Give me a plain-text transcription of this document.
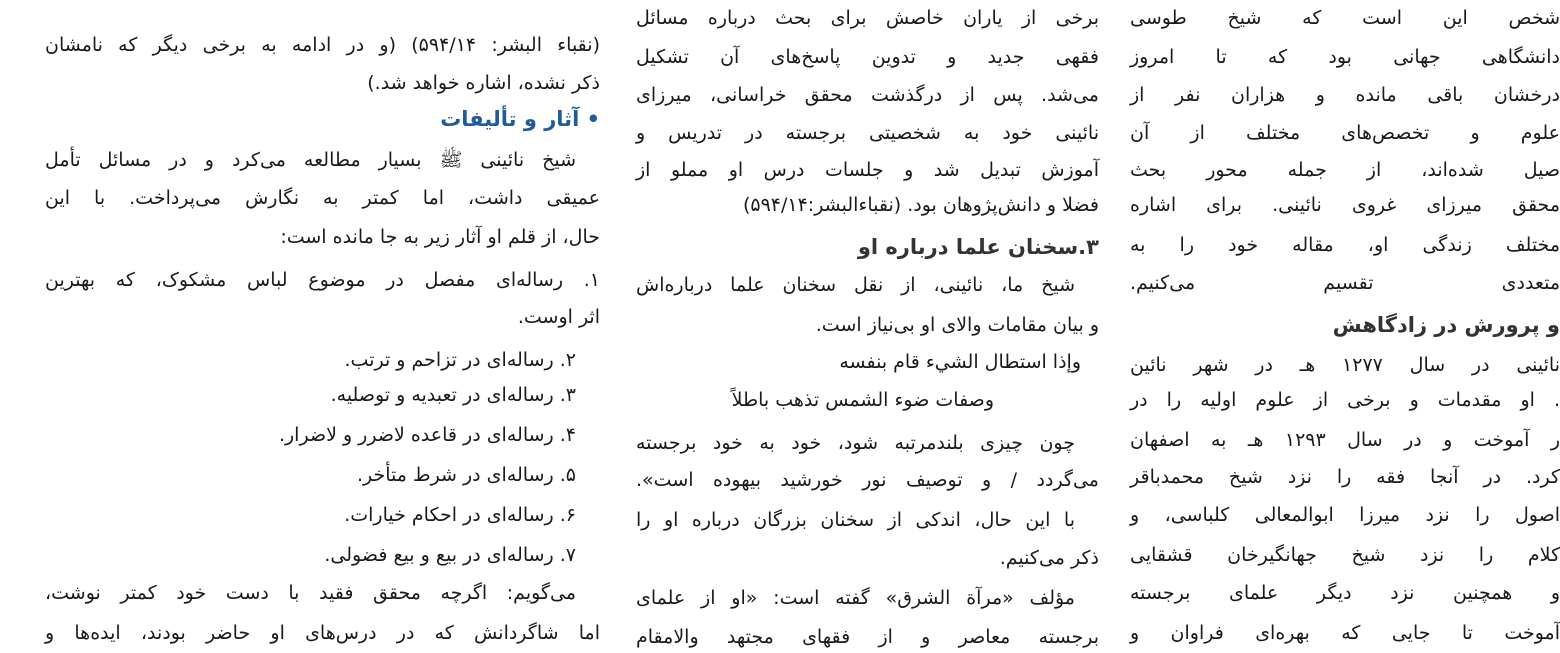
(نقباء البشر: ۵۹۴/۱۴) (و در ادامه به برخی دیگر که نامشان
ذکر نشده، اشاره خواهد شد.)
• آثار و تألیفات
شیخ نائینی ﷺ بسیار مطالعه می‌کرد و در مسائل تأمل
عمیقی داشت، اما کمتر به نگارش می‌پرداخت. با این
حال، از قلم او آثار زیر به جا مانده است:
۱. رساله‌ای مفصل در موضوع لباس مشکوک، که بهترین
اثر اوست.
۲. رساله‌ای در تزاحم و ترتب.
۳. رساله‌ای در تعبدیه و توصلیه.
۴. رساله‌ای در قاعده لاضرر و لاضرار.
۵. رساله‌ای در شرط متأخر.
۶. رساله‌ای در احکام خیارات.
۷. رساله‌ای در بیع و بیع فضولی.
می‌گویم: اگرچه محقق فقید با دست خود کمتر نوشت،
اما شاگردانش که در درس‌های او حاضر بودند، ایده‌ها و
برخی از یاران خاصش برای بحث درباره مسائل
فقهی جدید و تدوین پاسخ‌های آن تشکیل
می‌شد. پس از درگذشت محقق خراسانی، میرزای
نائینی خود به شخصیتی برجسته در تدریس و
آموزش تبدیل شد و جلسات درس او مملو از
فضلا و دانش‌پژوهان بود. (نقباءالبشر:۵۹۴/۱۴)
۳.سخنان علما درباره او
شیخ ما، نائینی، از نقل سخنان علما درباره‌اش
و بیان مقامات والای او بی‌نیاز است.
وإذا استطال الشيء قام بنفسه
وصفات ضوء الشمس تذهب باطلاً
چون چیزی بلندمرتبه شود، خود به خود برجسته
می‌گردد / و توصیف نور خورشید بیهوده است».
با این حال، اندکی از سخنان بزرگان درباره او را
ذکر می‌کنیم.
مؤلف «مرآة الشرق» گفته است: «او از علمای
برجسته معاصر و از فقهای مجتهد والامقام
شخص این است که شیخ طوسی
دانشگاهی جهانی بود که تا امروز
درخشان باقی مانده و هزاران نفر از
علوم و تخصص‌های مختلف از آن
صیل شده‌اند، از جمله محور بحث
محقق میرزای غروی نائینی. برای اشاره
مختلف زندگی او، مقاله خود را به
متعددی تقسیم می‌کنیم.
و پرورش در زادگاهش
نائینی در سال ۱۲۷۷ هـ در شهر نائین
. او مقدمات و برخی از علوم اولیه را در
ر آموخت و در سال ۱۲۹۳ هـ به اصفهان
کرد. در آنجا فقه را نزد شیخ محمدباقر
اصول را نزد میرزا ابوالمعالی کلباسی، و
کلام را نزد شیخ جهانگیرخان قشقایی
و همچنین نزد دیگر علمای برجسته
آموخت تا جایی که بهره‌ای فراوان و
